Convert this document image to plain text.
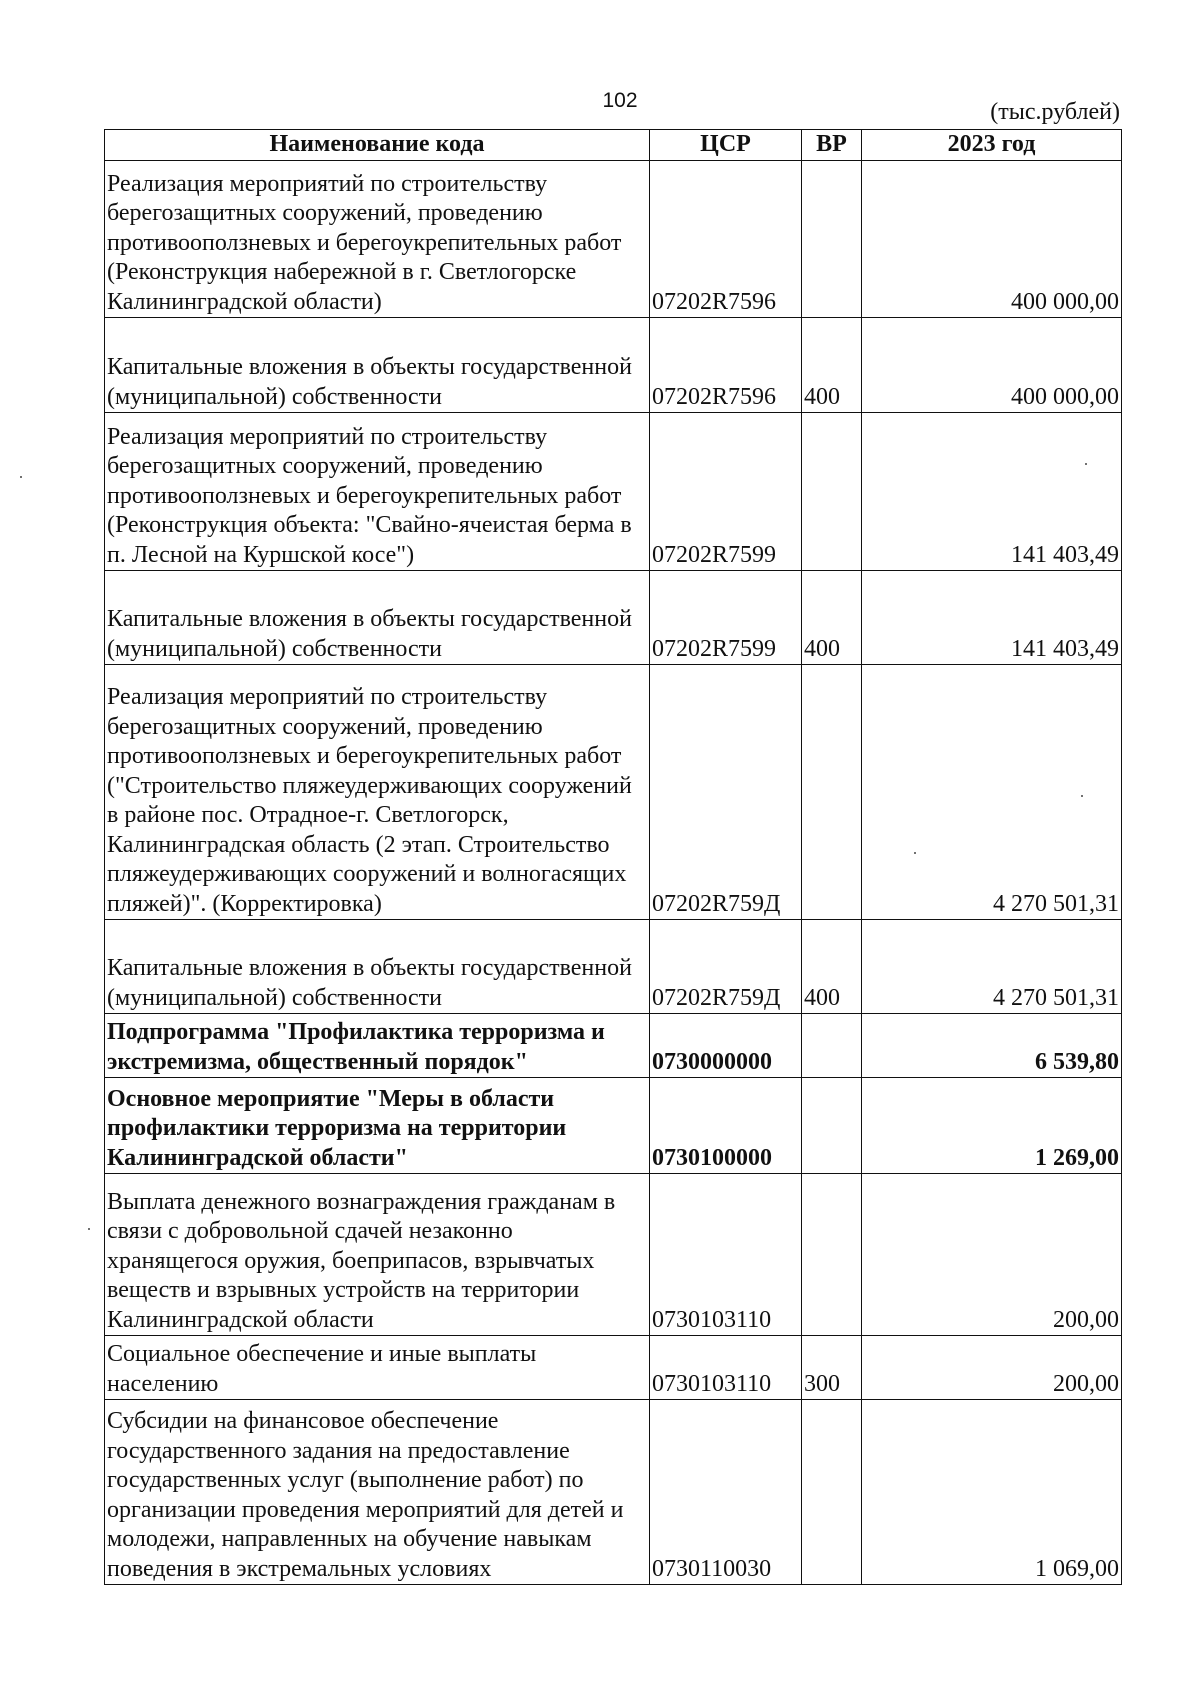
102	(тыс.рублей)
Наименование кода	ЦСР	ВР	2023 год
Реализация мероприятий по строительству берегозащитных сооружений, проведению противооползневых и берегоукрепительных работ (Реконструкция набережной в г. Светлогорске Калининградской области)	07202R7596		400 000,00
Капитальные вложения в объекты государственной (муниципальной) собственности	07202R7596	400	400 000,00
Реализация мероприятий по строительству берегозащитных сооружений, проведению противооползневых и берегоукрепительных работ (Реконструкция объекта: "Свайно-ячеистая берма в п. Лесной на Куршской косе")	07202R7599		141 403,49
Капитальные вложения в объекты государственной (муниципальной) собственности	07202R7599	400	141 403,49
Реализация мероприятий по строительству берегозащитных сооружений, проведению противооползневых и берегоукрепительных работ ("Строительство пляжеудерживающих сооружений в районе пос. Отрадное-г. Светлогорск, Калининградская область (2 этап. Строительство пляжеудерживающих сооружений и волногасящих пляжей)". (Корректировка)	07202R759Д		4 270 501,31
Капитальные вложения в объекты государственной (муниципальной) собственности	07202R759Д	400	4 270 501,31
Подпрограмма "Профилактика терроризма и экстремизма, общественный порядок"	0730000000		6 539,80
Основное мероприятие "Меры в области профилактики терроризма на территории Калининградской области"	0730100000		1 269,00
Выплата денежного вознаграждения гражданам в связи с добровольной сдачей незаконно хранящегося оружия, боеприпасов, взрывчатых веществ и взрывных устройств на территории Калининградской области	0730103110		200,00
Социальное обеспечение и иные выплаты населению	0730103110	300	200,00
Субсидии на финансовое обеспечение государственного задания на предоставление государственных услуг (выполнение работ) по организации проведения мероприятий для детей и молодежи, направленных на обучение навыкам поведения в экстремальных условиях	0730110030		1 069,00
